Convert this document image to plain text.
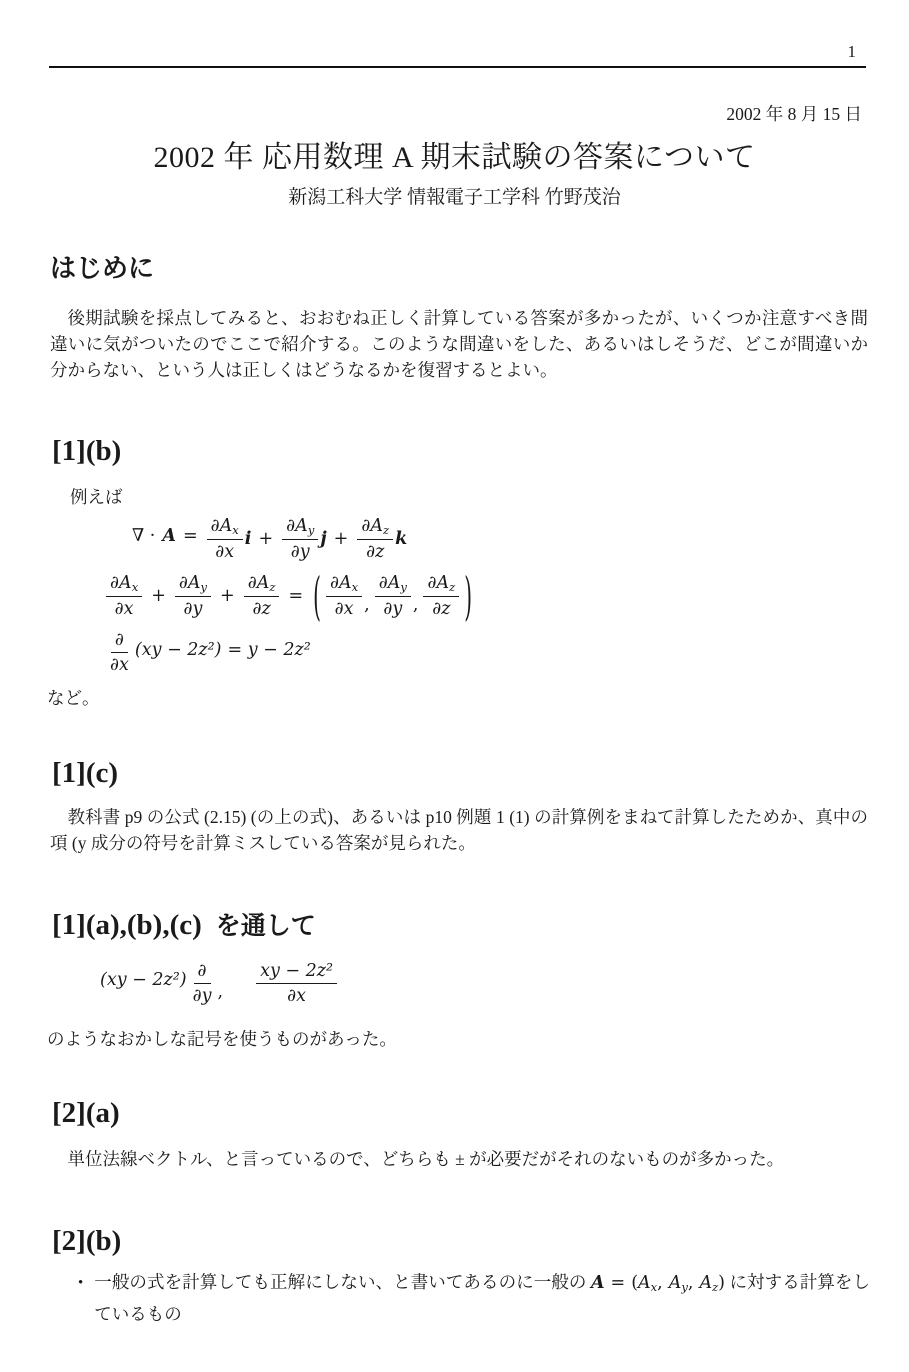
1
2002 年 8 月 15 日
2002 年 応用数理 A 期末試験の答案について
新潟工科大学 情報電子工学科 竹野茂治
はじめに
後期試験を採点してみると、おおむね正しく計算している答案が多かったが、いくつか注意すべき間違いに気がついたのでここで紹介する。このような間違いをした、あるいはしそうだ、どこが間違いか分からない、という人は正しくはどうなるかを復習するとよい。
[1](b)
例えば
∇ · $A = \frac{\partial Ax}{\partial x}$ $i + \frac{\partial Ay}{\partial y}$ $j + \frac{\partial Az}{\partial z}$ k
$\frac{\partial Ax}{\partial x} + \frac{\partial Ay}{\partial y} + \frac{\partial Az}{\partial z}$ = ( $\frac{\partial Ax}{\partial x}$ , $\frac{\partial Ay}{\partial y}$ , $\frac{\partial Az}{\partial z}$ )
$\frac{\partial}{\partial x} (xy - 2z^2) = y - 2z^2$
など。
[1](c)
教科書 p9 の公式 (2.15) (の上の式)、あるいは p10 例題 1 (1) の計算例をまねて計算したためか、真中の項 (y 成分の符号を計算ミスしている答案が見られた。
[1](a),(b),(c) を通して
$(xy - 2z^2) \frac{\partial}{\partial y}$ , $\frac{\text{xy − 2z²}}{\partial x}$
のようなおかしな記号を使うものがあった。
[2](a)
単位法線ベクトル、と言っているので、どちらも ± が必要だがそれのないものが多かった。
[2](b)
• 一般の式を計算しても正解にしない、と書いてあるのに一般の A = (Ax, Ay, Az) に対する計算をしているもの
